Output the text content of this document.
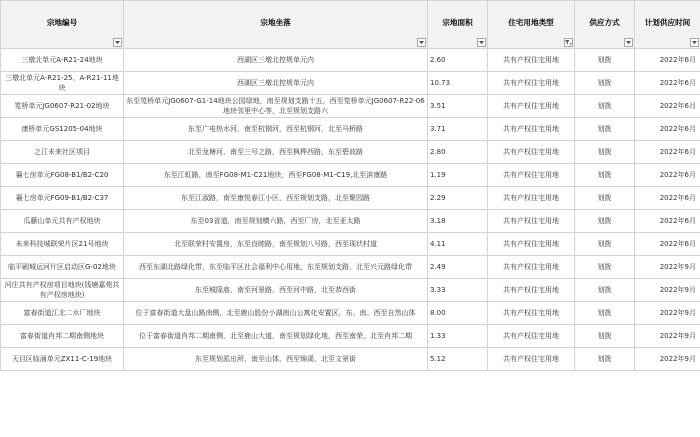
宗地编号	宗地坐落	宗地面积	住宅用地类型	供应方式	计划供应时间

三墩北单元A-R21-24地块	西湖区三墩北控规单元内	2.60	共有产权住宅用地	划拨	2022年6月
三墩北单元A-R21-25、A-R21-11地块	西湖区三墩北控规单元内	10.73	共有产权住宅用地	划拨	2022年6月
笕桥单元JG0607-R21-02地块	东至笕桥单元JG0607-G1-14地块公园绿地，南至规划支路十五，西至笕桥单元JG0607-R22-06地块邻里中心等，北至规划支路六	3.51	共有产权住宅用地	划拨	2022年6月
康桥单元GS1205-04地块	东至广电热水河，南至杭钢河，西至杭钢河，北至马桥路	3.71	共有产权住宅用地	划拨	2022年6月
之江未来社区项目	北至龙塘河，南至三号之路，西至枫桦西路，东至碧波路	2.80	共有产权住宅用地	划拨	2022年6月
襄七房单元FG08-B1/B2-C20	东至江虹路，南至FG08-M1-C21地块，西至FG08-M1-C19,北至滨康路	1.19	共有产权住宅用地	划拨	2022年6月
襄七房单元FG09-B1/B2-C37	东至江淑路，南至康悦春江小区，西至规划支路，北至聚园路	2.29	共有产权住宅用地	划拨	2022年6月
瓜藤山单元共有产权地块	东至03省道，南至规划横六路，西至厂房，北至亚太路	3.18	共有产权住宅用地	划拨	2022年6月
未来科技城联荣片区21号地块	北至联荣村安置房，东至良睦路，南至规划八号路，西至现状村道	4.11	共有产权住宅用地	划拨	2022年6月
临平刷城运河片区启动区G-02地块	西至东湖北路绿化带，东至临平区社会福利中心用地，东至规划支路，北至兴元路绿化带	2.49	共有产权住宅用地	划拨	2022年9月
河庄共有产权房项目地块(钱塘嘉苑共有产权房地块)	东至城隍庙，南至河景路，西至河中路，北至恭西街	3.33	共有产权住宅用地	划拨	2022年9月
富春街道江北二水厂地块	位于富春街道大盘山路南侧，北至鹿山股份小湖南山公寓化安置区，东、南、西至自然山体	8.00	共有产权住宅用地	划拨	2022年9月
富春街道肖邦二期南侧地块	位于富春街道肖邦二期南侧，北至鹿山大道，南至规划绿化地，西至南荣，北至肖邦二期	1.33	共有产权住宅用地	划拨	2022年9月
天目区临涌单元ZX11-C-19地块	东至规划派出所，南至山体，西至锦溪，北至文景街	5.12	共有产权住宅用地	划拨	2022年9月
